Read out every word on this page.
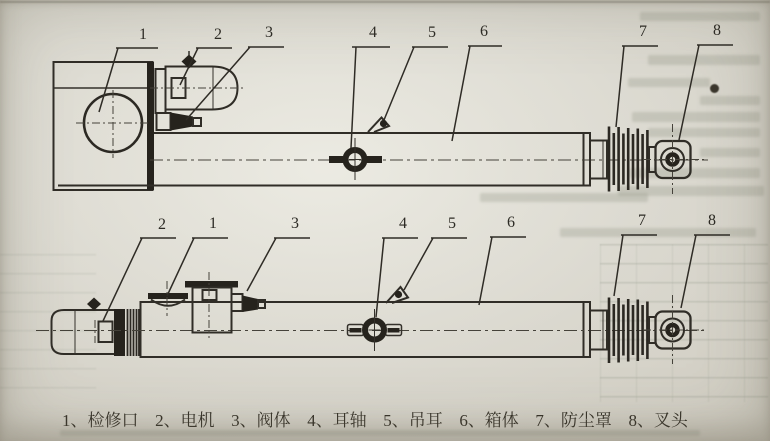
1	2	3	4	5	6	7	8
2	1	3	4	5	6	7	8
1、检修口 2、电机 3、阀体 4、耳轴 5、吊耳 6、箱体 7、防尘罩 8、叉头
